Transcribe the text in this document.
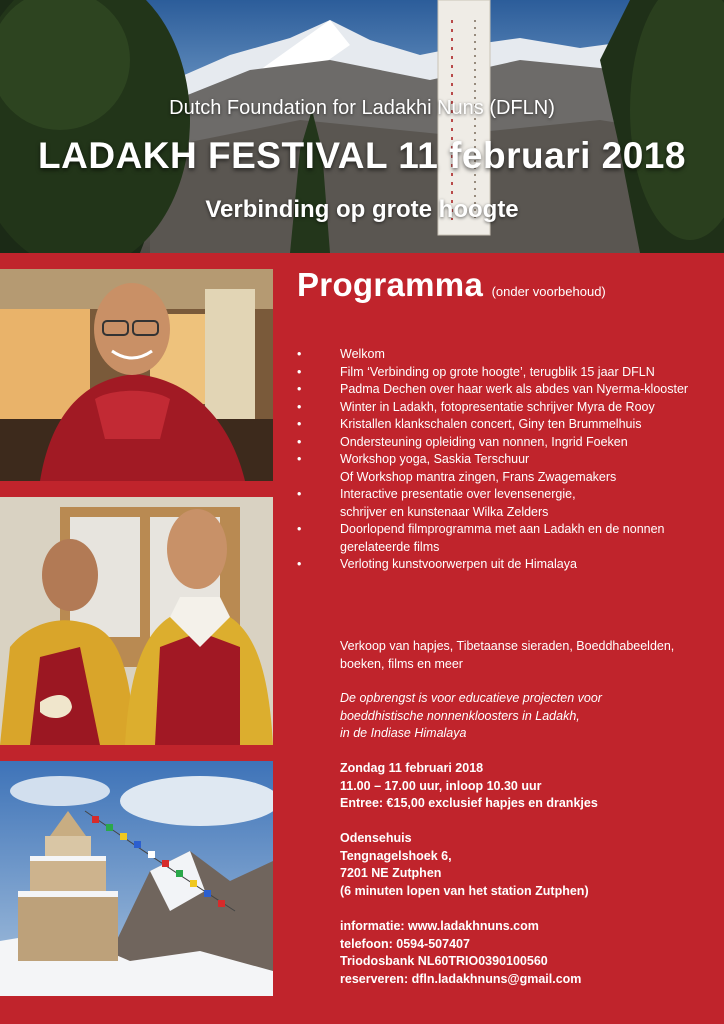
Dutch Foundation for Ladakhi Nuns (DFLN)
LADAKH FESTIVAL 11 februari 2018
Verbinding op grote hoogte
Programma (onder voorbehoud)
•	Welkom
•	Film ‘Verbinding op grote hoogte’, terugblik 15 jaar DFLN
•	Padma Dechen over haar werk als abdes van Nyerma-klooster
•	Winter in Ladakh, fotopresentatie schrijver Myra de Rooy
•	Kristallen klankschalen concert, Giny ten Brummelhuis
•	Ondersteuning opleiding van nonnen, Ingrid Foeken
•	Workshop yoga, Saskia Terschuur
Of Workshop mantra zingen, Frans Zwagemakers
•	Interactive presentatie over levensenergie,
schrijver en kunstenaar Wilka Zelders
•	Doorlopend filmprogramma met aan Ladakh en de nonnen
gerelateerde films
•	Verloting kunstvoorwerpen uit de Himalaya
Verkoop van hapjes, Tibetaanse sieraden, Boeddhabeelden,
boeken, films en meer
De opbrengst is voor educatieve projecten voor
boeddhistische nonnenkloosters in Ladakh,
in de Indiase Himalaya
Zondag 11 februari 2018
11.00 – 17.00 uur, inloop 10.30 uur
Entree: €15,00 exclusief hapjes en drankjes
Odensehuis
Tengnagelshoek 6,
7201 NE Zutphen
(6 minuten lopen van het station Zutphen)
informatie: www.ladakhnuns.com
telefoon: 0594-507407
Triodosbank NL60TRIO0390100560
reserveren: dfln.ladakhnuns@gmail.com
